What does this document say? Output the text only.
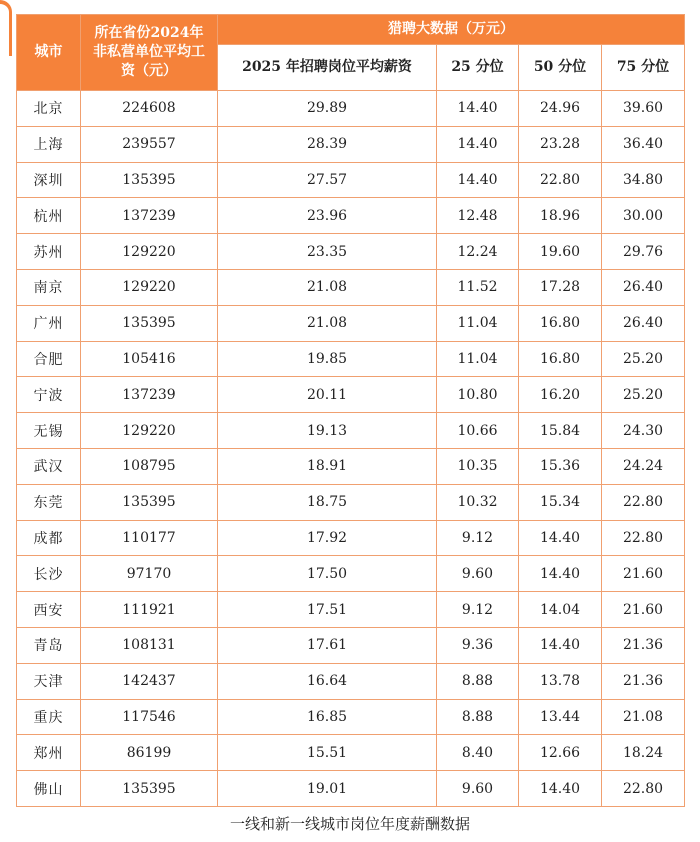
城市	所在省份2024年非私营单位平均工资（元）	猎聘大数据（万元）			
		2025 年招聘岗位平均薪资	25 分位	50 分位	75 分位
北京	224608	29.89	14.40	24.96	39.60
上海	239557	28.39	14.40	23.28	36.40
深圳	135395	27.57	14.40	22.80	34.80
杭州	137239	23.96	12.48	18.96	30.00
苏州	129220	23.35	12.24	19.60	29.76
南京	129220	21.08	11.52	17.28	26.40
广州	135395	21.08	11.04	16.80	26.40
合肥	105416	19.85	11.04	16.80	25.20
宁波	137239	20.11	10.80	16.20	25.20
无锡	129220	19.13	10.66	15.84	24.30
武汉	108795	18.91	10.35	15.36	24.24
东莞	135395	18.75	10.32	15.34	22.80
成都	110177	17.92	9.12	14.40	22.80
长沙	97170	17.50	9.60	14.40	21.60
西安	111921	17.51	9.12	14.04	21.60
青岛	108131	17.61	9.36	14.40	21.36
天津	142437	16.64	8.88	13.78	21.36
重庆	117546	16.85	8.88	13.44	21.08
郑州	86199	15.51	8.40	12.66	18.24
佛山	135395	19.01	9.60	14.40	22.80
一线和新一线城市岗位年度薪酬数据
